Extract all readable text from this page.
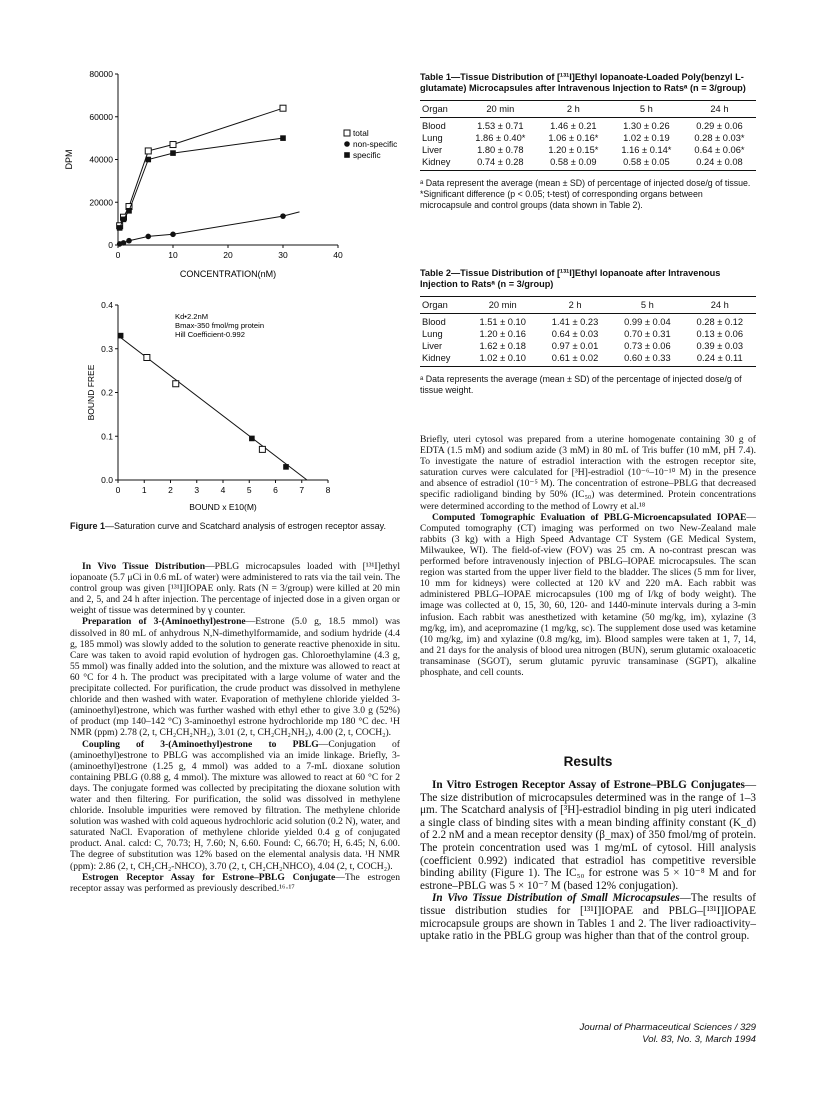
0	10	20	30	40
0
20000
40000
60000
80000
CONCENTRATION(nM)
DPM
total
non-specific
specific
0	1	2	3	4	5	6	7	8
0.0
0.1
0.2
0.3
0.4
BOUND x E10(M)
BOUND FREE
Kd•2.2nM
Bmax-350 fmol/mg protein
Hill Coefficient-0.992
Figure 1—Saturation curve and Scatchard analysis of estrogen receptor assay.

In Vivo Tissue Distribution—PBLG microcapsules loaded with [¹³¹I]ethyl iopanoate (5.7 μCi in 0.6 mL of water) were administered to rats via the tail vein. The control group was given [¹³¹I]IOPAE only. Rats (N = 3/group) were killed at 20 min and 2, 5, and 24 h after injection. The percentage of injected dose in a given organ or weight of tissue was determined by γ counter.

Preparation of 3-(Aminoethyl)estrone—Estrone (5.0 g, 18.5 mmol) was dissolved in 80 mL of anhydrous N,N-dimethylformamide, and sodium hydride (4.4 g, 185 mmol) was slowly added to the solution to generate reactive phenoxide in situ. Care was taken to avoid rapid evolution of hydrogen gas. Chloroethylamine (4.3 g, 55 mmol) was finally added into the solution, and the mixture was allowed to react at 60 °C for 4 h. The product was precipitated with a large volume of water and the precipitate collected. For purification, the crude product was dissolved in methylene chloride and then washed with water. Evaporation of methylene chloride yielded 3-(aminoethyl)estrone, which was further washed with ethyl ether to give 3.0 g (52%) of product (mp 140–142 °C) 3-aminoethyl estrone hydrochloride mp 180 °C dec. ¹H NMR (ppm) 2.78 (2, t, CH₂CH₂NH₂), 3.01 (2, t, CH₂CH₂NH₂), 4.00 (2, t, COCH₂).

Coupling of 3-(Aminoethyl)estrone to PBLG—Conjugation of (aminoethyl)estrone to PBLG was accomplished via an imide linkage. Briefly, 3-(aminoethyl)estrone (1.25 g, 4 mmol) was added to a 7-mL dioxane solution containing PBLG (0.88 g, 4 mmol). The mixture was allowed to react at 60 °C for 2 days. The conjugate formed was collected by precipitating the dioxane solution with water and then filtering. For purification, the solid was dissolved in methylene chloride. Insoluble impurities were removed by filtration. The methylene chloride solution was washed with cold aqueous hydrochloric acid solution (0.2 N), water, and saturated NaCl. Evaporation of methylene chloride yielded 0.4 g of conjugated product. Anal. calcd: C, 70.73; H, 7.60; N, 6.60. Found: C, 66.70; H, 6.45; N, 6.00. The degree of substitution was 12% based on the elemental analysis data. ¹H NMR (ppm): 2.86 (2, t, CH₂CH₂-NHCO), 3.70 (2, t, CH₂CH₂NHCO), 4.04 (2, t, COCH₂).

Estrogen Receptor Assay for Estrone–PBLG Conjugate—The estrogen receptor assay was performed as previously described.¹⁶·¹⁷

Table 1—Tissue Distribution of [¹³¹I]Ethyl Iopanoate-Loaded Poly(benzyl L-glutamate) Microcapsules after Intravenous Injection to Ratsᵃ (n = 3/group)
Organ	20 min	2 h	5 h	24 h
Blood	1.53 ± 0.71	1.46 ± 0.21	1.30 ± 0.26	0.29 ± 0.06
Lung	1.86 ± 0.40*	1.06 ± 0.16*	1.02 ± 0.19	0.28 ± 0.03*
Liver	1.80 ± 0.78	1.20 ± 0.15*	1.16 ± 0.14*	0.64 ± 0.06*
Kidney	0.74 ± 0.28	0.58 ± 0.09	0.58 ± 0.05	0.24 ± 0.08
ᵃ Data represent the average (mean ± SD) of percentage of injected dose/g of tissue. *Significant difference (p < 0.05; t-test) of corresponding organs between microcapsule and control groups (data shown in Table 2).
Table 2—Tissue Distribution of [¹³¹I]Ethyl Iopanoate after Intravenous Injection to Ratsᵃ (n = 3/group)
Organ	20 min	2 h	5 h	24 h
Blood	1.51 ± 0.10	1.41 ± 0.23	0.99 ± 0.04	0.28 ± 0.12
Lung	1.20 ± 0.16	0.64 ± 0.03	0.70 ± 0.31	0.13 ± 0.06
Liver	1.62 ± 0.18	0.97 ± 0.01	0.73 ± 0.06	0.39 ± 0.03
Kidney	1.02 ± 0.10	0.61 ± 0.02	0.60 ± 0.33	0.24 ± 0.11
ᵃ Data represents the average (mean ± SD) of the percentage of injected dose/g of tissue weight.

Briefly, uteri cytosol was prepared from a uterine homogenate containing 30 g of EDTA (1.5 mM) and sodium azide (3 mM) in 80 mL of Tris buffer (10 mM, pH 7.4). To investigate the nature of estradiol interaction with the estrogen receptor site, saturation curves were calculated for [³H]-estradiol (10⁻⁶–10⁻¹⁰ M) in the presence and absence of estradiol (10⁻⁵ M). The concentration of estrone–PBLG that decreased specific radioligand binding by 50% (IC₅₀) was determined. Protein concentrations were determined according to the method of Lowry et al.¹⁸

Computed Tomographic Evaluation of PBLG-Microencapsulated IOPAE—Computed tomography (CT) imaging was performed on two New-Zealand male rabbits (3 kg) with a High Speed Advantage CT System (GE Medical System, Milwaukee, WI). The field-of-view (FOV) was 25 cm. A no-contrast prescan was performed before intravenously injection of PBLG–IOPAE microcapsules. The scan region was started from the upper liver field to the bladder. The slices (5 mm for liver, 10 mm for kidneys) were collected at 120 kV and 220 mA. Each rabbit was administered PBLG–IOPAE microcapsules (100 mg of I/kg of body weight). The image was collected at 0, 15, 30, 60, 120- and 1440-minute intervals during a 3-min infusion. Each rabbit was anesthetized with ketamine (50 mg/kg, im), xylazine (3 mg/kg, im), and acepromazine (1 mg/kg, sc). The supplement dose used was ketamine (10 mg/kg, im) and xylazine (0.8 mg/kg, im). Blood samples were taken at 1, 7, 14, and 21 days for the analysis of blood urea nitrogen (BUN), serum glutamic oxaloacetic transaminase (SGOT), serum glutamic pyruvic transaminase (SGPT), alkaline phosphate, and cell counts.

Results

In Vitro Estrogen Receptor Assay of Estrone–PBLG Conjugates—The size distribution of microcapsules determined was in the range of 1–3 μm. The Scatchard analysis of [³H]-estradiol binding in pig uteri indicated a single class of binding sites with a mean binding affinity constant (K_d) of 2.2 nM and a mean receptor density (β_max) of 350 fmol/mg of protein. The protein concentration used was 1 mg/mL of cytosol. Hill analysis (coefficient 0.992) indicated that estradiol has competitive reversible binding ability (Figure 1). The IC₅₀ for estrone was 5 × 10⁻⁸ M and for estrone–PBLG was 5 × 10⁻⁷ M (based 12% conjugation).

In Vivo Tissue Distribution of Small Microcapsules—The results of tissue distribution studies for [¹³¹I]IOPAE and PBLG–[¹³¹I]IOPAE microcapsule groups are shown in Tables 1 and 2. The liver radioactivity–uptake ratio in the PBLG group was higher than that of the control group.

Journal of Pharmaceutical Sciences / 329
Vol. 83, No. 3, March 1994
